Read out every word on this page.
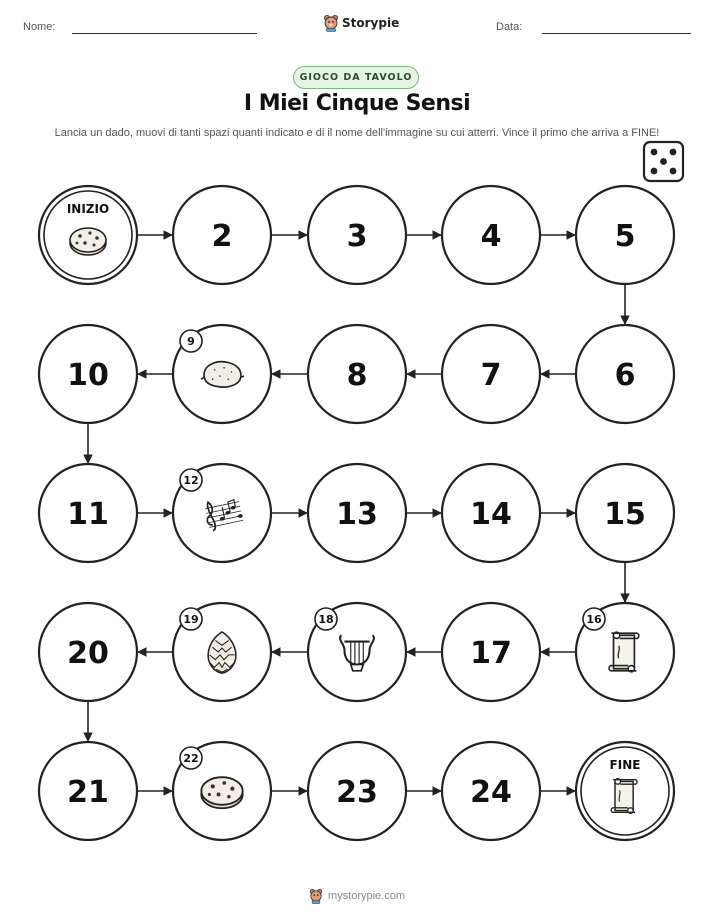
Nome:	Storypie	Data:
GIOCO DA TAVOLO
I Miei Cinque Sensi
Lancia un dado, muovi di tanti spazi quanti indicato e di il nome dell'immagine su cui atterri. Vince il primo che arriva a FINE!
INIZIO
2	3	4	5
6
7
8
9
10
11
12
13	14	15
16
17
18
19
20
21
22
23	24
FINE
mystorypie.com
